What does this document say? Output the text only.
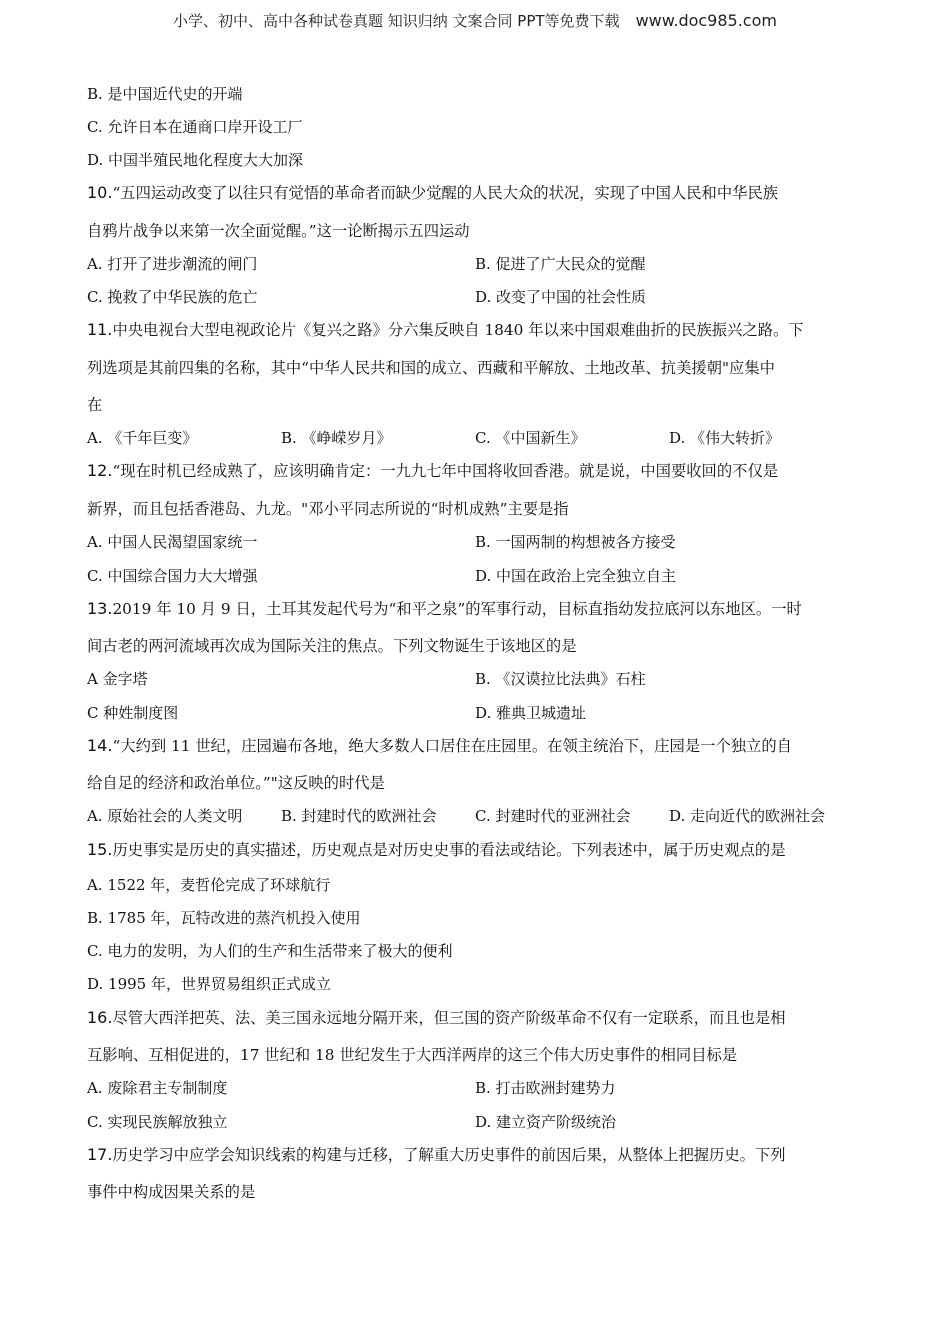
小学、初中、高中各种试卷真题 知识归纳 文案合同 PPT等免费下载 www.doc985.com
B. 是中国近代史的开端
C. 允许日本在通商口岸开设工厂
D. 中国半殖民地化程度大大加深
10.“五四运动改变了以往只有觉悟的革命者而缺少觉醒的人民大众的状况，实现了中国人民和中华民族
自鸦片战争以来第一次全面觉醒。”这一论断揭示五四运动
A. 打开了进步潮流的闸门	B. 促进了广大民众的觉醒
C. 挽救了中华民族的危亡	D. 改变了中国的社会性质
11.中央电视台大型电视政论片《复兴之路》分六集反映自 1840 年以来中国艰难曲折的民族振兴之路。下
列选项是其前四集的名称，其中“中华人民共和国的成立、西藏和平解放、土地改革、抗美援朝"应集中
在
A. 《千年巨变》	B. 《峥嵘岁月》	C. 《中国新生》	D. 《伟大转折》
12.“现在时机已经成熟了，应该明确肯定：一九九七年中国将收回香港。就是说，中国要收回的不仅是
新界，而且包括香港岛、九龙。"邓小平同志所说的“时机成熟”主要是指
A. 中国人民渴望国家统一	B. 一国两制的构想被各方接受
C. 中国综合国力大大增强	D. 中国在政治上完全独立自主
13.2019 年 10 月 9 日，土耳其发起代号为“和平之泉”的军事行动，目标直指幼发拉底河以东地区。一时
间古老的两河流域再次成为国际关注的焦点。下列文物诞生于该地区的是
A 金字塔	B. 《汉谟拉比法典》石柱
C 种姓制度图	D. 雅典卫城遗址
14.“大约到 11 世纪，庄园遍布各地，绝大多数人口居住在庄园里。在领主统治下，庄园是一个独立的自
给自足的经济和政治单位。”"这反映的时代是
A. 原始社会的人类文明	B. 封建时代的欧洲社会	C. 封建时代的亚洲社会	D. 走向近代的欧洲社会
15.历史事实是历史的真实描述，历史观点是对历史史事的看法或结论。下列表述中，属于历史观点的是
A. 1522 年，麦哲伦完成了环球航行
B. 1785 年，瓦特改进的蒸汽机投入使用
C. 电力的发明，为人们的生产和生活带来了极大的便利
D. 1995 年，世界贸易组织正式成立
16.尽管大西洋把英、法、美三国永远地分隔开来，但三国的资产阶级革命不仅有一定联系，而且也是相
互影响、互相促进的，17 世纪和 18 世纪发生于大西洋两岸的这三个伟大历史事件的相同目标是
A. 废除君主专制制度	B. 打击欧洲封建势力
C. 实现民族解放独立	D. 建立资产阶级统治
17.历史学习中应学会知识线索的构建与迁移，了解重大历史事件的前因后果，从整体上把握历史。下列
事件中构成因果关系的是
